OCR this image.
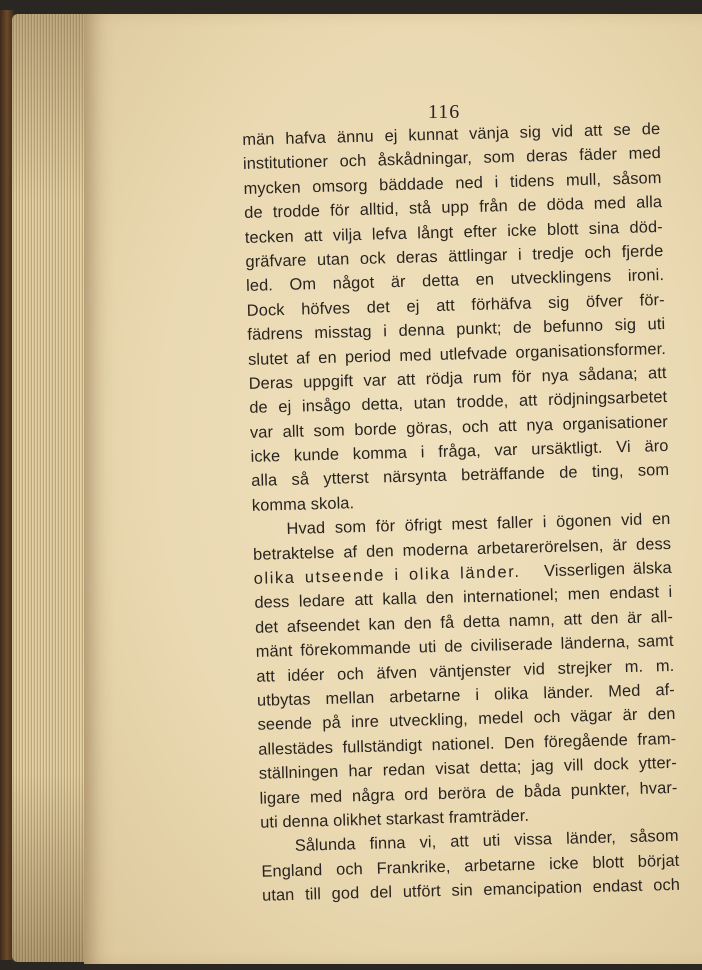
116
män hafva ännu ej kunnat vänja sig vid att se de
institutioner och åskådningar, som deras fäder med
mycken omsorg bäddade ned i tidens mull, såsom
de trodde för alltid, stå upp från de döda med alla
tecken att vilja lefva långt efter icke blott sina död-
gräfvare utan ock deras ättlingar i tredje och fjerde
led. Om något är detta en utvecklingens ironi.
Dock höfves det ej att förhäfva sig öfver för-
fädrens misstag i denna punkt; de befunno sig uti
slutet af en period med utlefvade organisationsformer.
Deras uppgift var att rödja rum för nya sådana; att
de ej insågo detta, utan trodde, att rödjningsarbetet
var allt som borde göras, och att nya organisationer
icke kunde komma i fråga, var ursäktligt. Vi äro
alla så ytterst närsynta beträffande de ting, som
komma skola.
Hvad som för öfrigt mest faller i ögonen vid en
betraktelse af den moderna arbetarerörelsen, är dess
olika utseende i olika länder. Visserligen älska
dess ledare att kalla den internationel; men endast i
det afseendet kan den få detta namn, att den är all-
mänt förekommande uti de civiliserade länderna, samt
att idéer och äfven väntjenster vid strejker m. m.
utbytas mellan arbetarne i olika länder. Med af-
seende på inre utveckling, medel och vägar är den
allestädes fullständigt nationel. Den föregående fram-
ställningen har redan visat detta; jag vill dock ytter-
ligare med några ord beröra de båda punkter, hvar-
uti denna olikhet starkast framträder.
Sålunda finna vi, att uti vissa länder, såsom
England och Frankrike, arbetarne icke blott börjat
utan till god del utfört sin emancipation endast och
